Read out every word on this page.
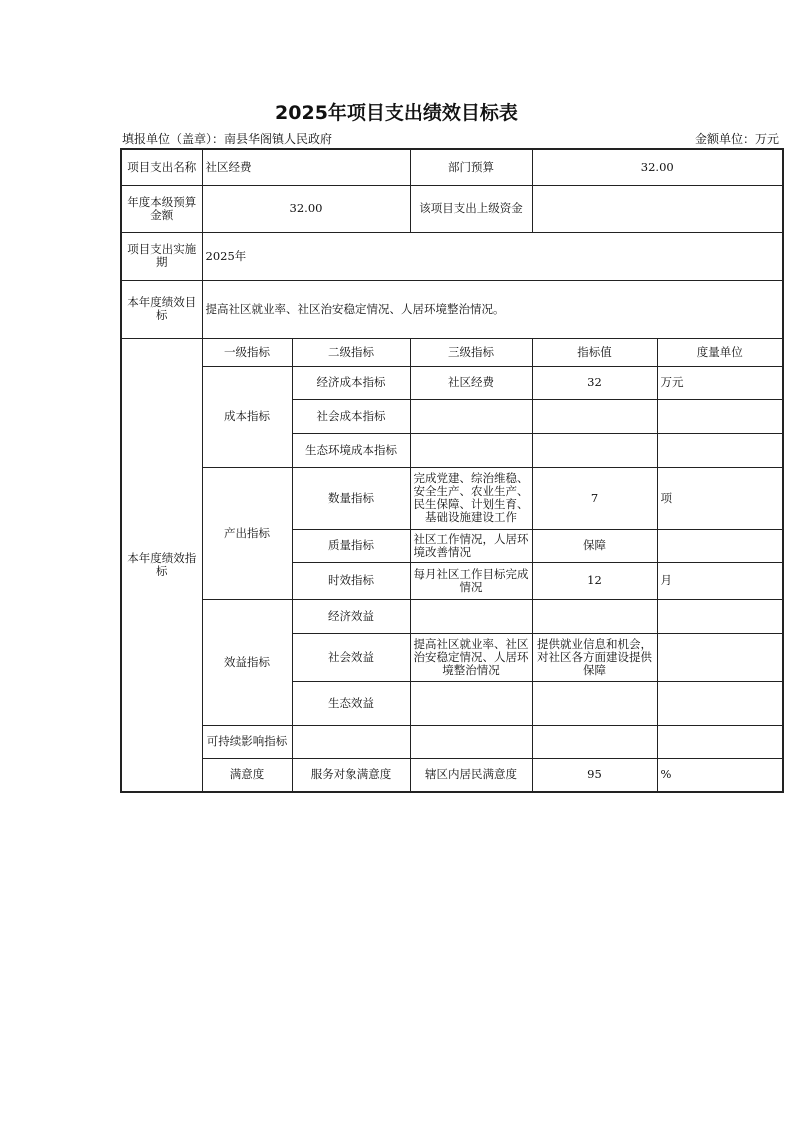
2025年项目支出绩效目标表
填报单位（盖章）：南县华阁镇人民政府	金额单位：万元
项目支出名称	社区经费		部门预算	32.00	
年度本级预算金额	32.00		该项目支出上级资金		
项目支出实施期	2025年				
本年度绩效目标	提高社区就业率、社区治安稳定情况、人居环境整治情况。				
本年度绩效指标	一级指标	二级指标	三级指标	指标值	度量单位
	成本指标	经济成本指标	社区经费	32	万元
		社会成本指标			
		生态环境成本指标			
	产出指标	数量指标	完成党建、综治维稳、安全生产、农业生产、民生保障、计划生育、基础设施建设工作	7	项
		质量指标	社区工作情况，人居环境改善情况	保障	
		时效指标	每月社区工作目标完成情况	12	月
	效益指标	经济效益			
		社会效益	提高社区就业率、社区治安稳定情况、人居环境整治情况	提供就业信息和机会，对社区各方面建设提供保障	
		生态效益			
	可持续影响指标				
	满意度	服务对象满意度	辖区内居民满意度	95	%
